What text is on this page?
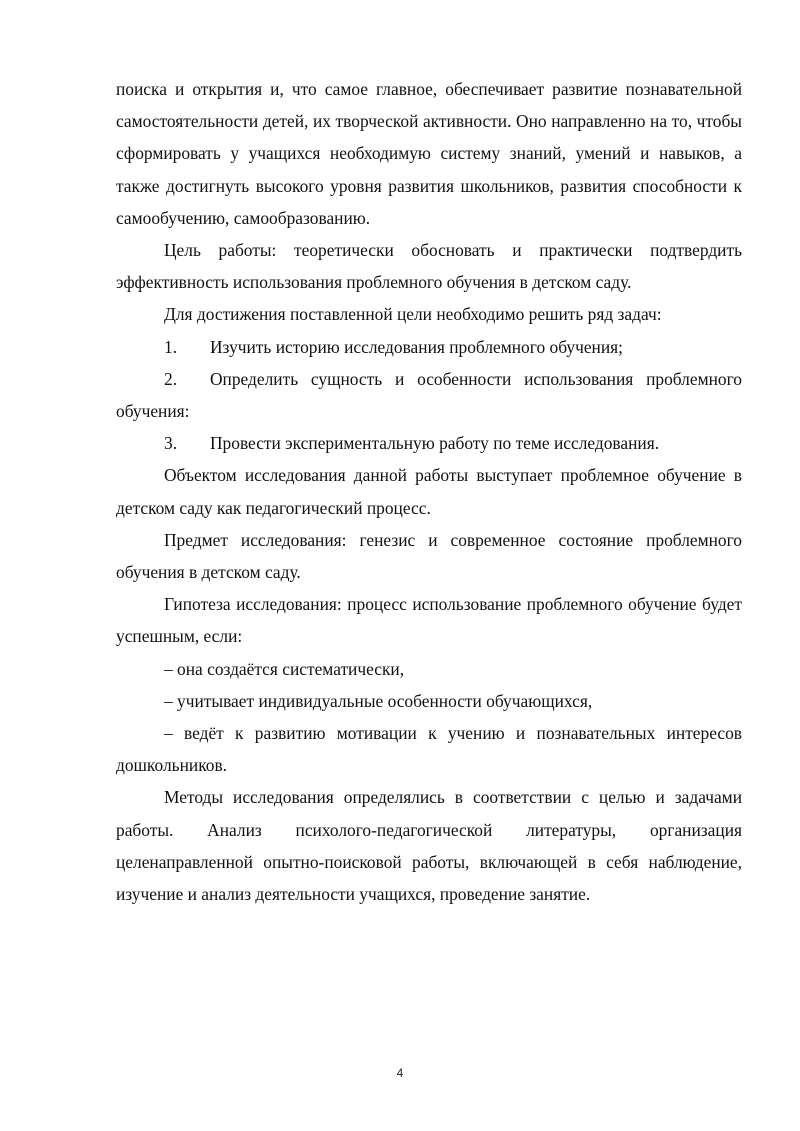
поиска и открытия и, что самое главное, обеспечивает развитие познавательной самостоятельности детей, их творческой активности. Оно направленно на то, чтобы сформировать у учащихся необходимую систему знаний, умений и навыков, а также достигнуть высокого уровня развития школьников, развития способности к самообучению, самообразованию.

Цель работы: теоретически обосновать и практически подтвердить эффективность использования проблемного обучения в детском саду.

Для достижения поставленной цели необходимо решить ряд задач:

1. Изучить историю исследования проблемного обучения;

2. Определить сущность и особенности использования проблемного обучения:

3. Провести экспериментальную работу по теме исследования.

Объектом исследования данной работы выступает проблемное обучение в детском саду как педагогический процесс.

Предмет исследования: генезис и современное состояние проблемного обучения в детском саду.

Гипотеза исследования: процесс использование проблемного обучение будет успешным, если:

– она создаётся систематически,

– учитывает индивидуальные особенности обучающихся,

– ведёт к развитию мотивации к учению и познавательных интересов дошкольников.

Методы исследования определялись в соответствии с целью и задачами работы. Анализ психолого-педагогической литературы, организация целенаправленной опытно-поисковой работы, включающей в себя наблюдение, изучение и анализ деятельности учащихся, проведение занятие.

4
